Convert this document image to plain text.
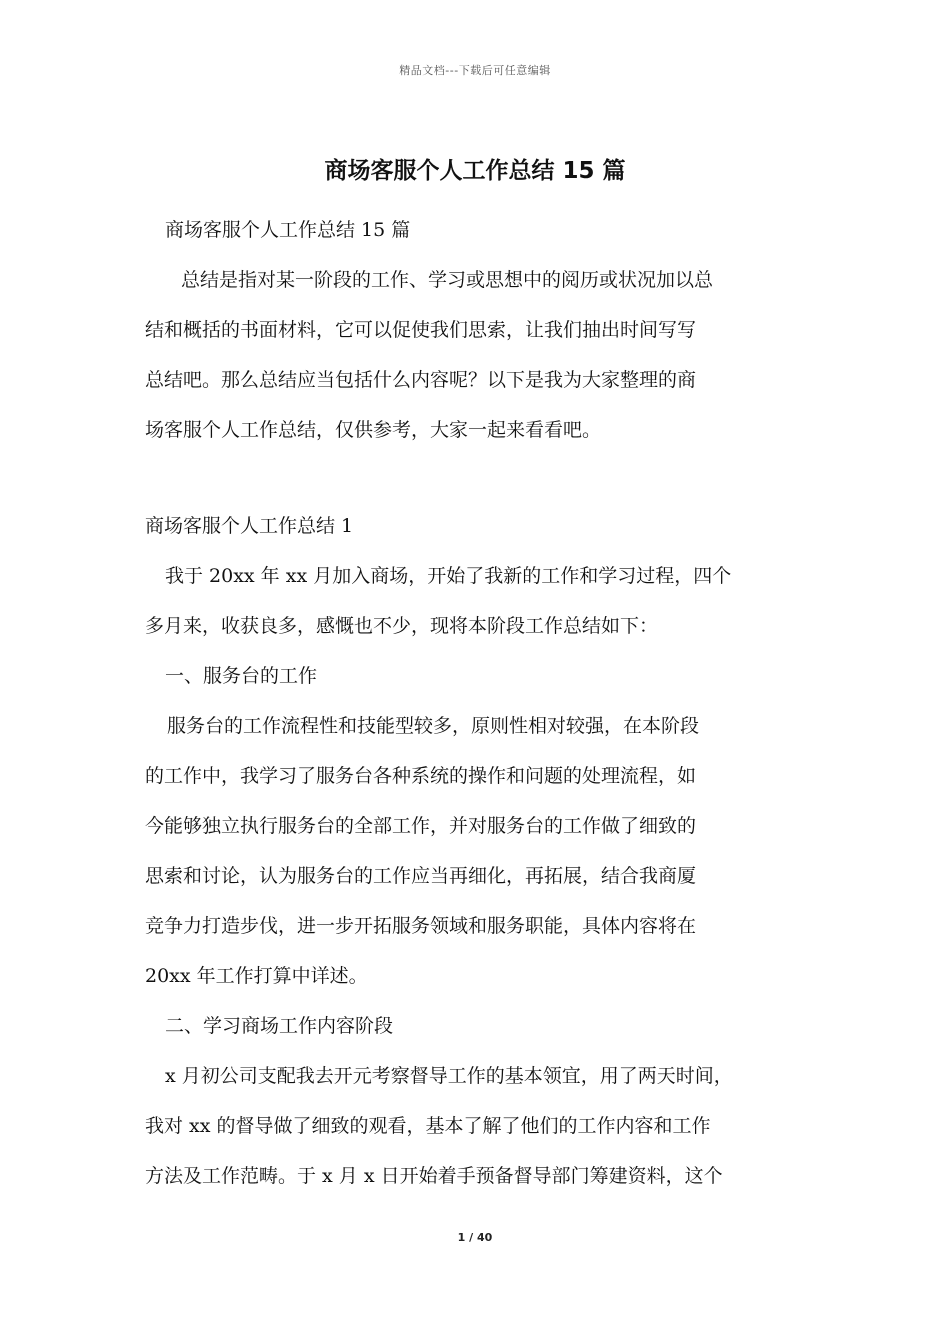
精品文档---下载后可任意编辑
商场客服个人工作总结 15 篇

商场客服个人工作总结 15 篇

总结是指对某一阶段的工作、学习或思想中的阅历或状况加以总

结和概括的书面材料，它可以促使我们思索，让我们抽出时间写写

总结吧。那么总结应当包括什么内容呢？以下是我为大家整理的商

场客服个人工作总结，仅供参考，大家一起来看看吧。

商场客服个人工作总结 1

我于 20xx 年 xx 月加入商场，开始了我新的工作和学习过程，四个

多月来，收获良多，感慨也不少，现将本阶段工作总结如下：

一、服务台的工作

服务台的工作流程性和技能型较多，原则性相对较强，在本阶段

的工作中，我学习了服务台各种系统的操作和问题的处理流程，如

今能够独立执行服务台的全部工作，并对服务台的工作做了细致的

思索和讨论，认为服务台的工作应当再细化，再拓展，结合我商厦

竞争力打造步伐，进一步开拓服务领域和服务职能，具体内容将在

20xx 年工作打算中详述。

二、学习商场工作内容阶段

x 月初公司支配我去开元考察督导工作的基本领宜，用了两天时间，

我对 xx 的督导做了细致的观看，基本了解了他们的工作内容和工作

方法及工作范畴。于 x 月 x 日开始着手预备督导部门筹建资料，这个

1 / 40
